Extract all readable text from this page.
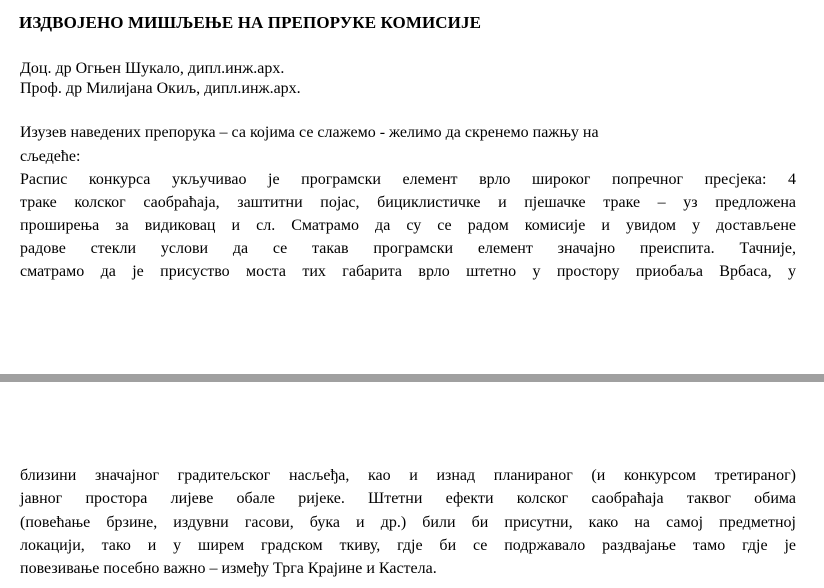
ИЗДВОЈЕНО МИШЉЕЊЕ НА ПРЕПОРУКЕ КОМИСИЈЕ
Доц. др Огњен Шукало, дипл.инж.арх.
Проф. др Милијана Окиљ, дипл.инж.арх.
Изузев наведених препорука – са којима се слажемо - желимо да скренемо пажњу на
сљедеће:
Распис конкурса укључивао је програмски елемент врло широког попречног пресјека: 4
траке колског саобраћаја, заштитни појас, бициклистичке и пјешачке траке – уз предложена
проширења за видиковац и сл. Сматрамо да су се радом комисије и увидом у достављене
радове стекли услови да се такав програмски елемент значајно преиспита. Тачније,
сматрамо да је присуство моста тих габарита врло штетно у простору приобаља Врбаса, у
близини значајног градитељског насљеђа, као и изнад планираног (и конкурсом третираног)
јавног простора лијеве обале ријеке. Штетни ефекти колског саобраћаја таквог обима
(повећање брзине, издувни гасови, бука и др.) били би присутни, како на самој предметној
локацији, тако и у ширем градском ткиву, гдје би се подржавало раздвајање тамо гдје је
повезивање посебно важно – између Трга Крајине и Кастела.
